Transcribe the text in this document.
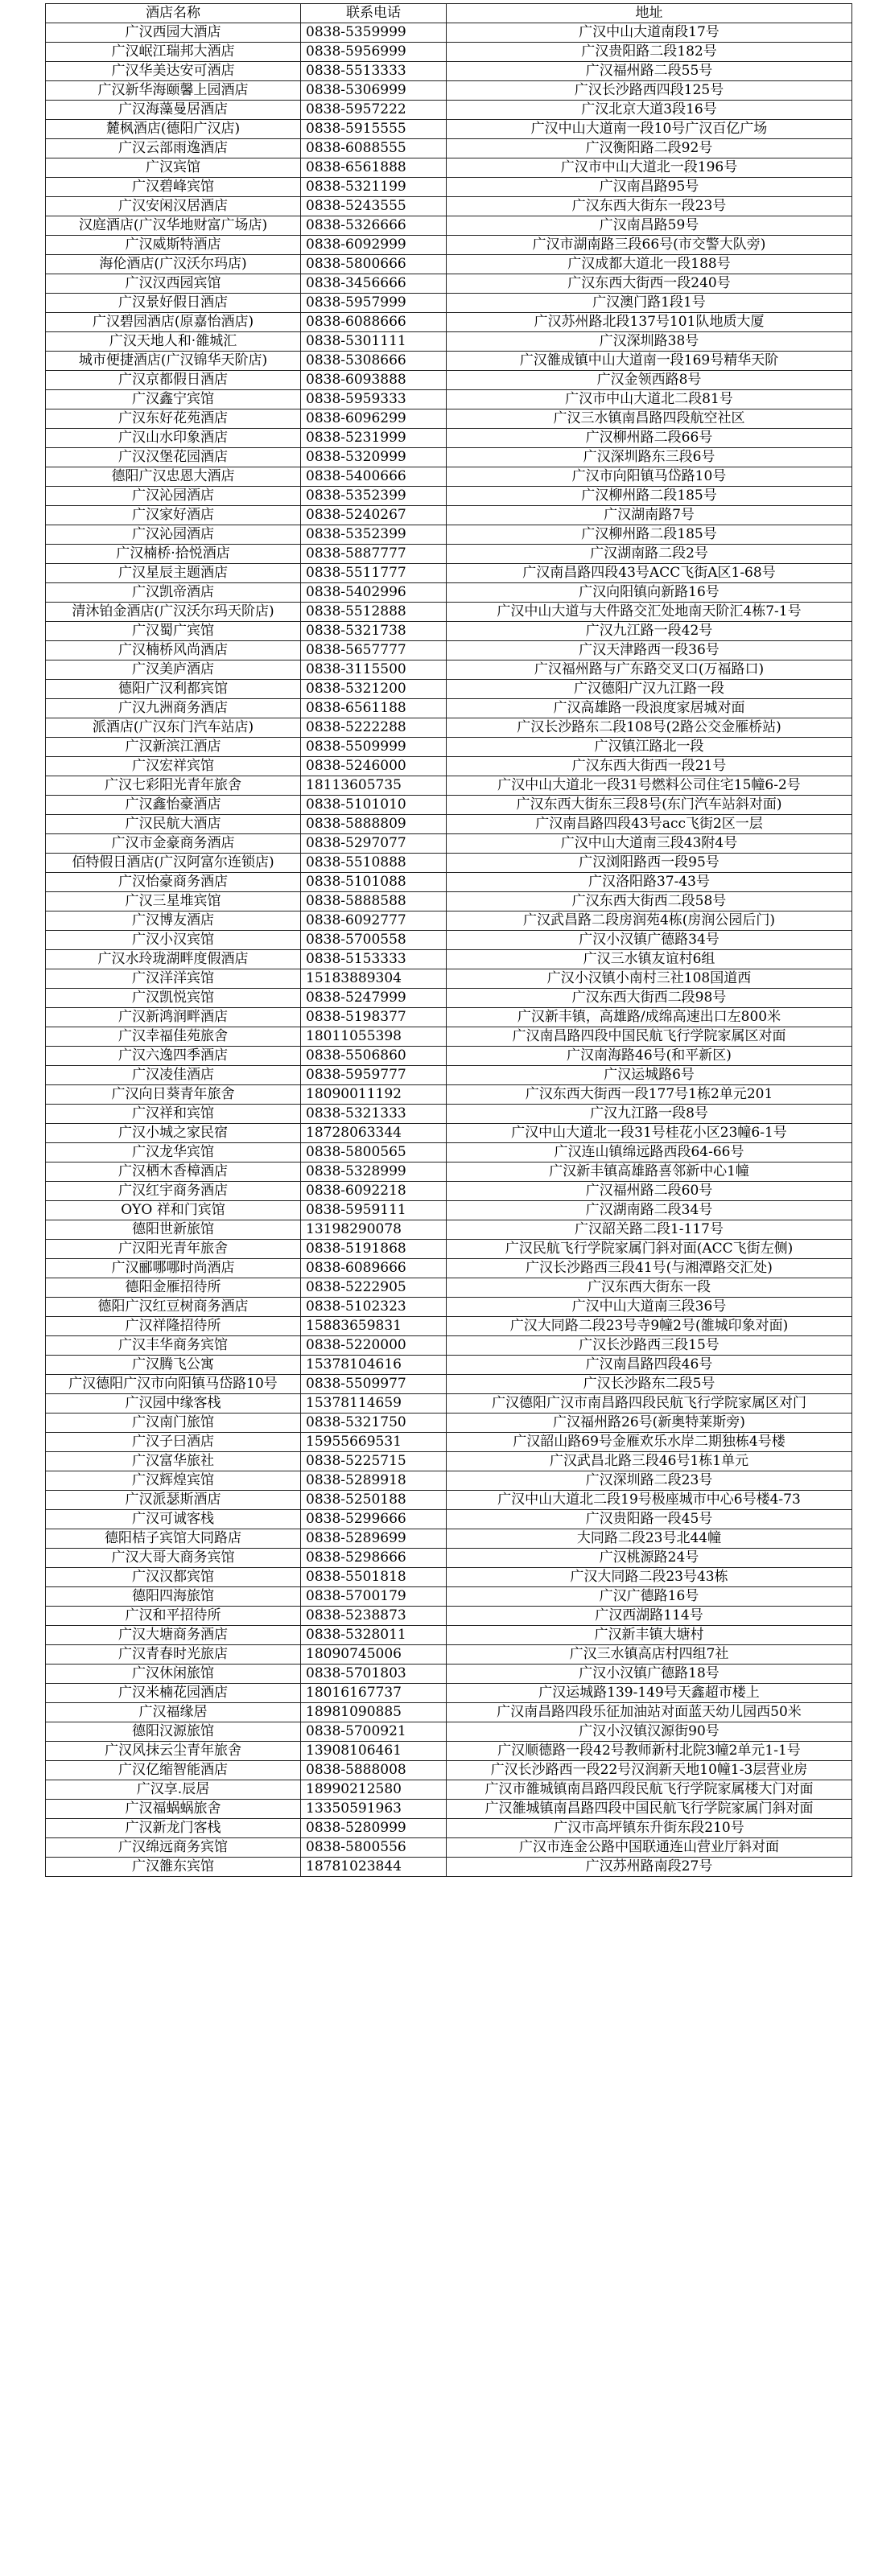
酒店名称	联系电话	地址
广汉西园大酒店	0838-5359999	广汉中山大道南段17号
广汉岷江瑞邦大酒店	0838-5956999	广汉贵阳路二段182号
广汉华美达安可酒店	0838-5513333	广汉福州路二段55号
广汉新华海颐馨上园酒店	0838-5306999	广汉长沙路西四段125号
广汉海藻曼居酒店	0838-5957222	广汉北京大道3段16号
麓枫酒店(德阳广汉店)	0838-5915555	广汉中山大道南一段10号广汉百亿广场
广汉云部雨逸酒店	0838-6088555	广汉衡阳路二段92号
广汉宾馆	0838-6561888	广汉市中山大道北一段196号
广汉碧峰宾馆	0838-5321199	广汉南昌路95号
广汉安闲汉居酒店	0838-5243555	广汉东西大街东一段23号
汉庭酒店(广汉华地财富广场店)	0838-5326666	广汉南昌路59号
广汉威斯特酒店	0838-6092999	广汉市湖南路三段66号(市交警大队旁)
海伦酒店(广汉沃尔玛店)	0838-5800666	广汉成都大道北一段188号
广汉汉西园宾馆	0838-3456666	广汉东西大街西一段240号
广汉景好假日酒店	0838-5957999	广汉澳门路1段1号
广汉碧园酒店(原嘉怡酒店)	0838-6088666	广汉苏州路北段137号101队地质大厦
广汉天地人和·雒城汇	0838-5301111	广汉深圳路38号
城市便捷酒店(广汉锦华天阶店)	0838-5308666	广汉雒成镇中山大道南一段169号精华天阶
广汉京都假日酒店	0838-6093888	广汉金领西路8号
广汉鑫宁宾馆	0838-5959333	广汉市中山大道北二段81号
广汉东好花苑酒店	0838-6096299	广汉三水镇南昌路四段航空社区
广汉山水印象酒店	0838-5231999	广汉柳州路二段66号
广汉汉堡花园酒店	0838-5320999	广汉深圳路东三段6号
德阳广汉忠恩大酒店	0838-5400666	广汉市向阳镇马岱路10号
广汉沁园酒店	0838-5352399	广汉柳州路二段185号
广汉家好酒店	0838-5240267	广汉湖南路7号
广汉沁园酒店	0838-5352399	广汉柳州路二段185号
广汉楠桥·拾悦酒店	0838-5887777	广汉湖南路二段2号
广汉星辰主题酒店	0838-5511777	广汉南昌路四段43号ACC飞街A区1-68号
广汉凯帝酒店	0838-5402996	广汉向阳镇向新路16号
清沐铂金酒店(广汉沃尔玛天阶店)	0838-5512888	广汉中山大道与大件路交汇处地南天阶汇4栋7-1号
广汉蜀广宾馆	0838-5321738	广汉九江路一段42号
广汉楠桥风尚酒店	0838-5657777	广汉天津路西一段36号
广汉美庐酒店	0838-3115500	广汉福州路与广东路交叉口(万福路口)
德阳广汉利都宾馆	0838-5321200	广汉德阳广汉九江路一段
广汉九洲商务酒店	0838-6561188	广汉高雄路一段浪度家居城对面
派酒店(广汉东门汽车站店)	0838-5222288	广汉长沙路东二段108号(2路公交金雁桥站)
广汉新滨江酒店	0838-5509999	广汉镇江路北一段
广汉宏祥宾馆	0838-5246000	广汉东西大街西一段21号
广汉七彩阳光青年旅舍	18113605735	广汉中山大道北一段31号燃料公司住宅15幢6-2号
广汉鑫怡豪酒店	0838-5101010	广汉东西大街东三段8号(东门汽车站斜对面)
广汉民航大酒店	0838-5888809	广汉南昌路四段43号acc飞街2区一层
广汉市金豪商务酒店	0838-5297077	广汉中山大道南三段43附4号
佰特假日酒店(广汉阿富尔连锁店)	0838-5510888	广汉浏阳路西一段95号
广汉怡豪商务酒店	0838-5101088	广汉洛阳路37-43号
广汉三星堆宾馆	0838-5888588	广汉东西大街西二段58号
广汉博友酒店	0838-6092777	广汉武昌路二段房润苑4栋(房润公园后门)
广汉小汉宾馆	0838-5700558	广汉小汉镇广德路34号
广汉水玲珑湖畔度假酒店	0838-5153333	广汉三水镇友谊村6组
广汉洋洋宾馆	15183889304	广汉小汉镇小南村三社108国道西
广汉凯悦宾馆	0838-5247999	广汉东西大街西二段98号
广汉新鸿润畔酒店	0838-5198377	广汉新丰镇，高雄路/成绵高速出口左800米
广汉幸福佳苑旅舍	18011055398	广汉南昌路四段中国民航飞行学院家属区对面
广汉六逸四季酒店	0838-5506860	广汉南海路46号(和平新区)
广汉凌佳酒店	0838-5959777	广汉运城路6号
广汉向日葵青年旅舍	18090011192	广汉东西大街西一段177号1栋2单元201
广汉祥和宾馆	0838-5321333	广汉九江路一段8号
广汉小城之家民宿	18728063344	广汉中山大道北一段31号桂花小区23幢6-1号
广汉龙华宾馆	0838-5800565	广汉连山镇绵远路西段64-66号
广汉栖木香樟酒店	0838-5328999	广汉新丰镇高雄路喜邻新中心1幢
广汉红宇商务酒店	0838-6092218	广汉福州路二段60号
OYO 祥和门宾馆	0838-5959111	广汉湖南路二段34号
德阳世新旅馆	13198290078	广汉韶关路二段1-117号
广汉阳光青年旅舍	0838-5191868	广汉民航飞行学院家属门斜对面(ACC飞街左侧)
广汉郦哪哪时尚酒店	0838-6089666	广汉长沙路西三段41号(与湘潭路交汇处)
德阳金雁招待所	0838-5222905	广汉东西大街东一段
德阳广汉红豆树商务酒店	0838-5102323	广汉中山大道南三段36号
广汉祥隆招待所	15883659831	广汉大同路二段23号寺9幢2号(雒城印象对面)
广汉丰华商务宾馆	0838-5220000	广汉长沙路西三段15号
广汉腾飞公寓	15378104616	广汉南昌路四段46号
广汉德阳广汉市向阳镇马岱路10号	0838-5509977	广汉长沙路东二段5号
广汉园中缘客栈	15378114659	广汉德阳广汉市南昌路四段民航飞行学院家属区对门
广汉南门旅馆	0838-5321750	广汉福州路26号(新奥特莱斯旁)
广汉子曰酒店	15955669531	广汉韶山路69号金雁欢乐水岸二期独栋4号楼
广汉富华旅社	0838-5225715	广汉武昌北路三段46号1栋1单元
广汉辉煌宾馆	0838-5289918	广汉深圳路二段23号
广汉派瑟斯酒店	0838-5250188	广汉中山大道北二段19号极座城市中心6号楼4-73
广汉可诚客栈	0838-5299666	广汉贵阳路一段45号
德阳桔子宾馆大同路店	0838-5289699	大同路二段23号北44幢
广汉大哥大商务宾馆	0838-5298666	广汉桃源路24号
广汉汉都宾馆	0838-5501818	广汉大同路二段23号43栋
德阳四海旅馆	0838-5700179	广汉广德路16号
广汉和平招待所	0838-5238873	广汉西湖路114号
广汉大塘商务酒店	0838-5328011	广汉新丰镇大塘村
广汉青春时光旅店	18090745006	广汉三水镇高店村四组7社
广汉休闲旅馆	0838-5701803	广汉小汉镇广德路18号
广汉米楠花园酒店	18016167737	广汉运城路139-149号天鑫超市楼上
广汉福缘居	18981090885	广汉南昌路四段乐征加油站对面蓝天幼儿园西50米
德阳汉源旅馆	0838-5700921	广汉小汉镇汉源街90号
广汉风抹云尘青年旅舍	13908106461	广汉顺德路一段42号教师新村北院3幢2单元1-1号
广汉亿缩智能酒店	0838-5888008	广汉长沙路西一段22号汉润新天地10幢1-3层营业房
广汉享.辰居	18990212580	广汉市雒城镇南昌路四段民航飞行学院家属楼大门对面
广汉福蜗蜗旅舍	13350591963	广汉雒城镇南昌路四段中国民航飞行学院家属门斜对面
广汉新龙门客栈	0838-5280999	广汉市高坪镇东升街东段210号
广汉绵远商务宾馆	0838-5800556	广汉市连金公路中国联通连山营业厅斜对面
广汉雒东宾馆	18781023844	广汉苏州路南段27号
